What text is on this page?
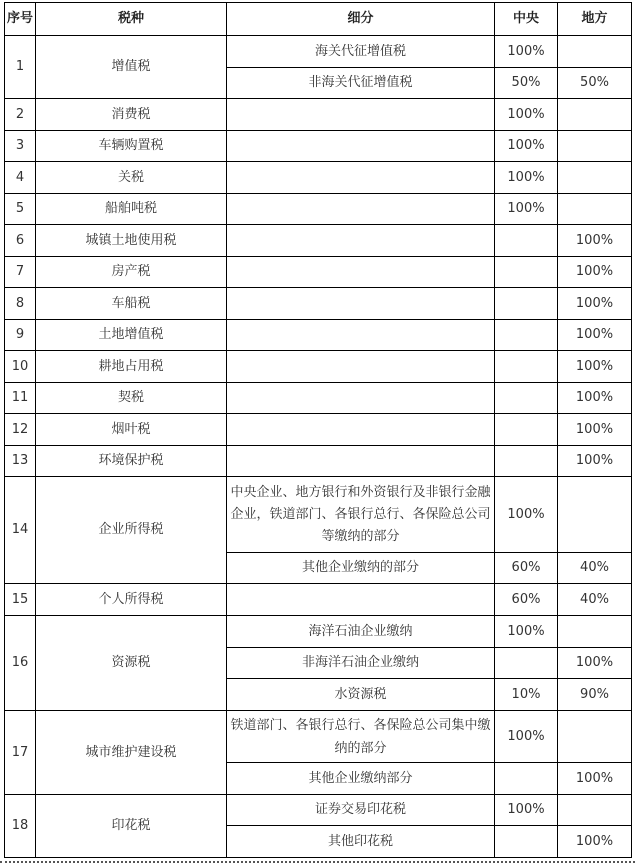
序号	税种	细分	中央	地方
1	增值税	海关代征增值税	100%	
		非海关代征增值税	50%	50%
2	消费税		100%	
3	车辆购置税		100%	
4	关税		100%	
5	船舶吨税		100%	
6	城镇土地使用税			100%
7	房产税			100%
8	车船税			100%
9	土地增值税			100%
10	耕地占用税			100%
11	契税			100%
12	烟叶税			100%
13	环境保护税			100%
14	企业所得税	中央企业、地方银行和外资银行及非银行金融企业，铁道部门、各银行总行、各保险总公司等缴纳的部分	100%	
		其他企业缴纳的部分	60%	40%
15	个人所得税		60%	40%
16	资源税	海洋石油企业缴纳	100%	
		非海洋石油企业缴纳		100%
		水资源税	10%	90%
17	城市维护建设税	铁道部门、各银行总行、各保险总公司集中缴纳的部分	100%	
		其他企业缴纳部分		100%
18	印花税	证券交易印花税	100%	
		其他印花税		100%
